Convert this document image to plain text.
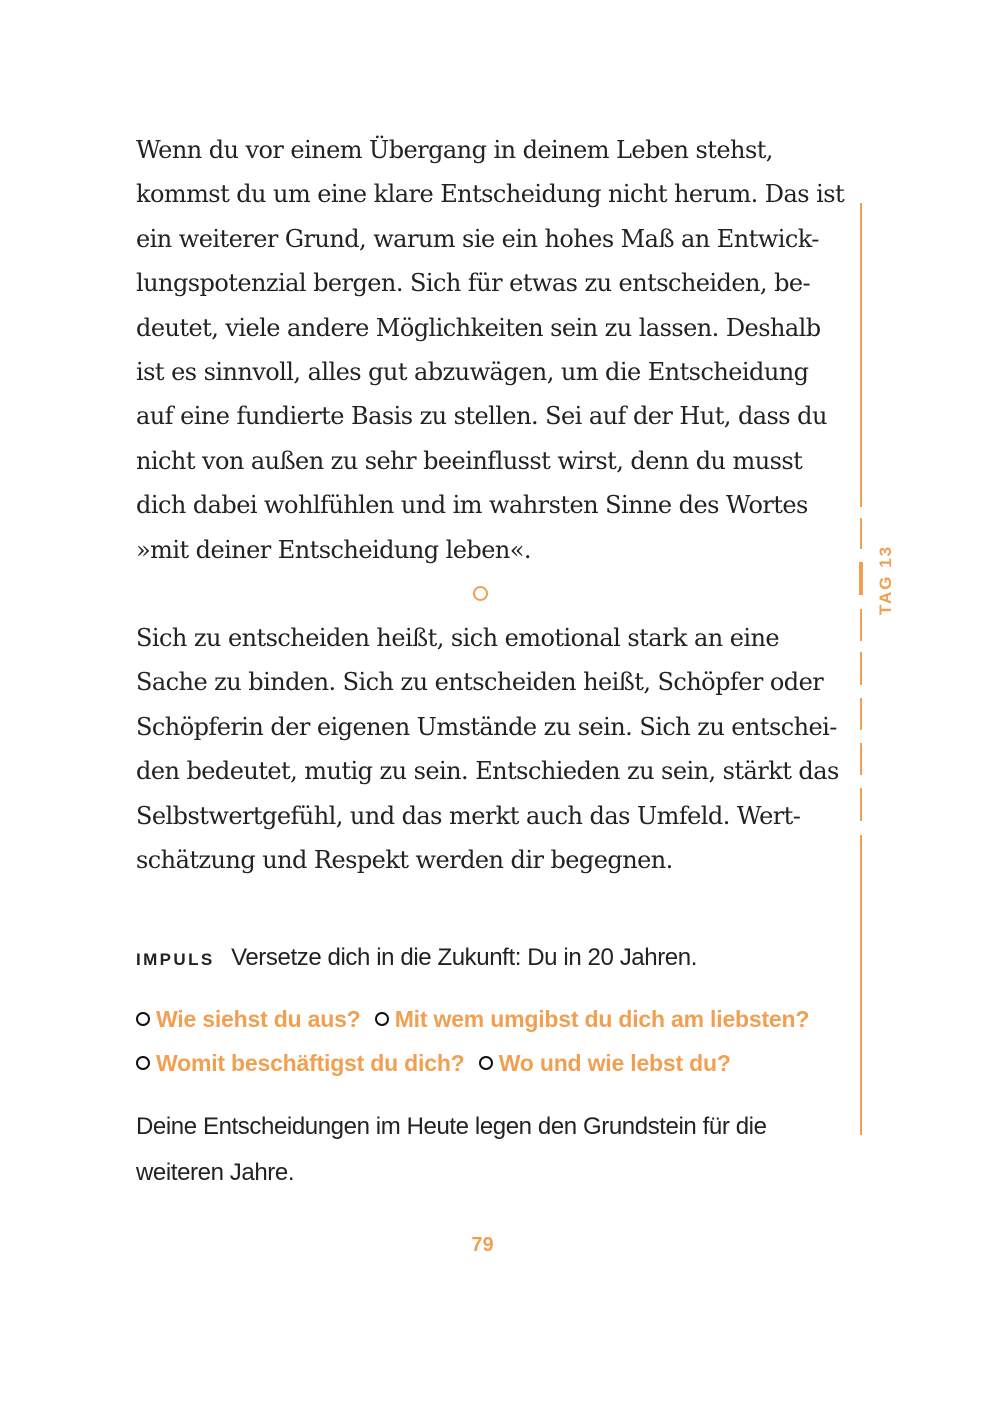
Wenn du vor einem Übergang in deinem Leben stehst,
kommst du um eine klare Entscheidung nicht herum. Das ist
ein weiterer Grund, warum sie ein hohes Maß an Entwick-
lungspotenzial bergen. Sich für etwas zu entscheiden, be-
deutet, viele andere Möglichkeiten sein zu lassen. Deshalb
ist es sinnvoll, alles gut abzuwägen, um die Entscheidung
auf eine fundierte Basis zu stellen. Sei auf der Hut, dass du
nicht von außen zu sehr beeinflusst wirst, denn du musst
dich dabei wohlfühlen und im wahrsten Sinne des Wortes
»mit deiner Entscheidung leben«.
Sich zu entscheiden heißt, sich emotional stark an eine
Sache zu binden. Sich zu entscheiden heißt, Schöpfer oder
Schöpferin der eigenen Umstände zu sein. Sich zu entschei-
den bedeutet, mutig zu sein. Entschieden zu sein, stärkt das
Selbstwertgefühl, und das merkt auch das Umfeld. Wert-
schätzung und Respekt werden dir begegnen.
IMPULS Versetze dich in die Zukunft: Du in 20 Jahren.
Wie siehst du aus? Mit wem umgibst du dich am liebsten?
Womit beschäftigst du dich? Wo und wie lebst du?
Deine Entscheidungen im Heute legen den Grundstein für die
weiteren Jahre.
79
TAG 13
